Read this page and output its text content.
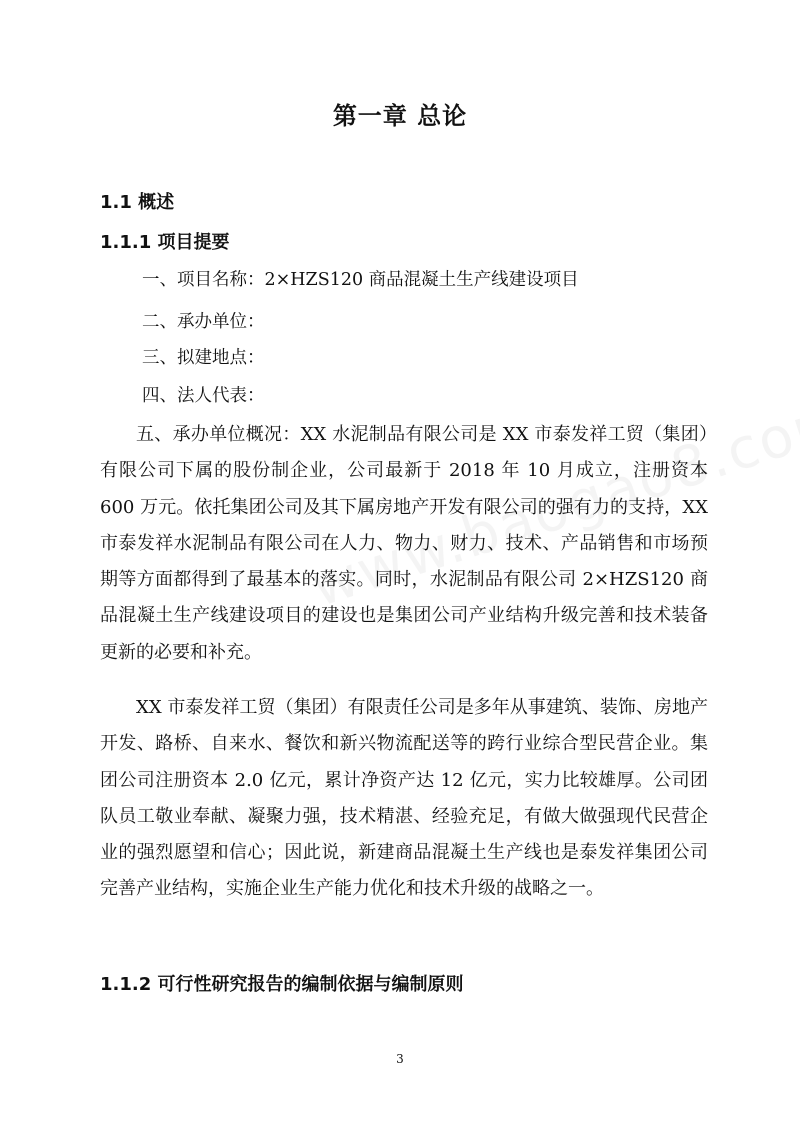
第一章 总论
1.1 概述
1.1.1 项目提要
一、项目名称：2×HZS120 商品混凝土生产线建设项目
二、承办单位：
三、拟建地点：
四、法人代表：

五、承办单位概况：XX 水泥制品有限公司是 XX 市泰发祥工贸（集团）有限公司下属的股份制企业，公司最新于 2018 年 10 月成立，注册资本 600 万元。依托集团公司及其下属房地产开发有限公司的强有力的支持，XX 市泰发祥水泥制品有限公司在人力、物力、财力、技术、产品销售和市场预期等方面都得到了最基本的落实。同时，水泥制品有限公司 2×HZS120 商品混凝土生产线建设项目的建设也是集团公司产业结构升级完善和技术装备更新的必要和补充。

XX 市泰发祥工贸（集团）有限责任公司是多年从事建筑、装饰、房地产开发、路桥、自来水、餐饮和新兴物流配送等的跨行业综合型民营企业。集团公司注册资本 2.0 亿元，累计净资产达 12 亿元，实力比较雄厚。公司团队员工敬业奉献、凝聚力强，技术精湛、经验充足，有做大做强现代民营企业的强烈愿望和信心；因此说，新建商品混凝土生产线也是泰发祥集团公司完善产业结构，实施企业生产能力优化和技术升级的战略之一。

1.1.2 可行性研究报告的编制依据与编制原则
3
